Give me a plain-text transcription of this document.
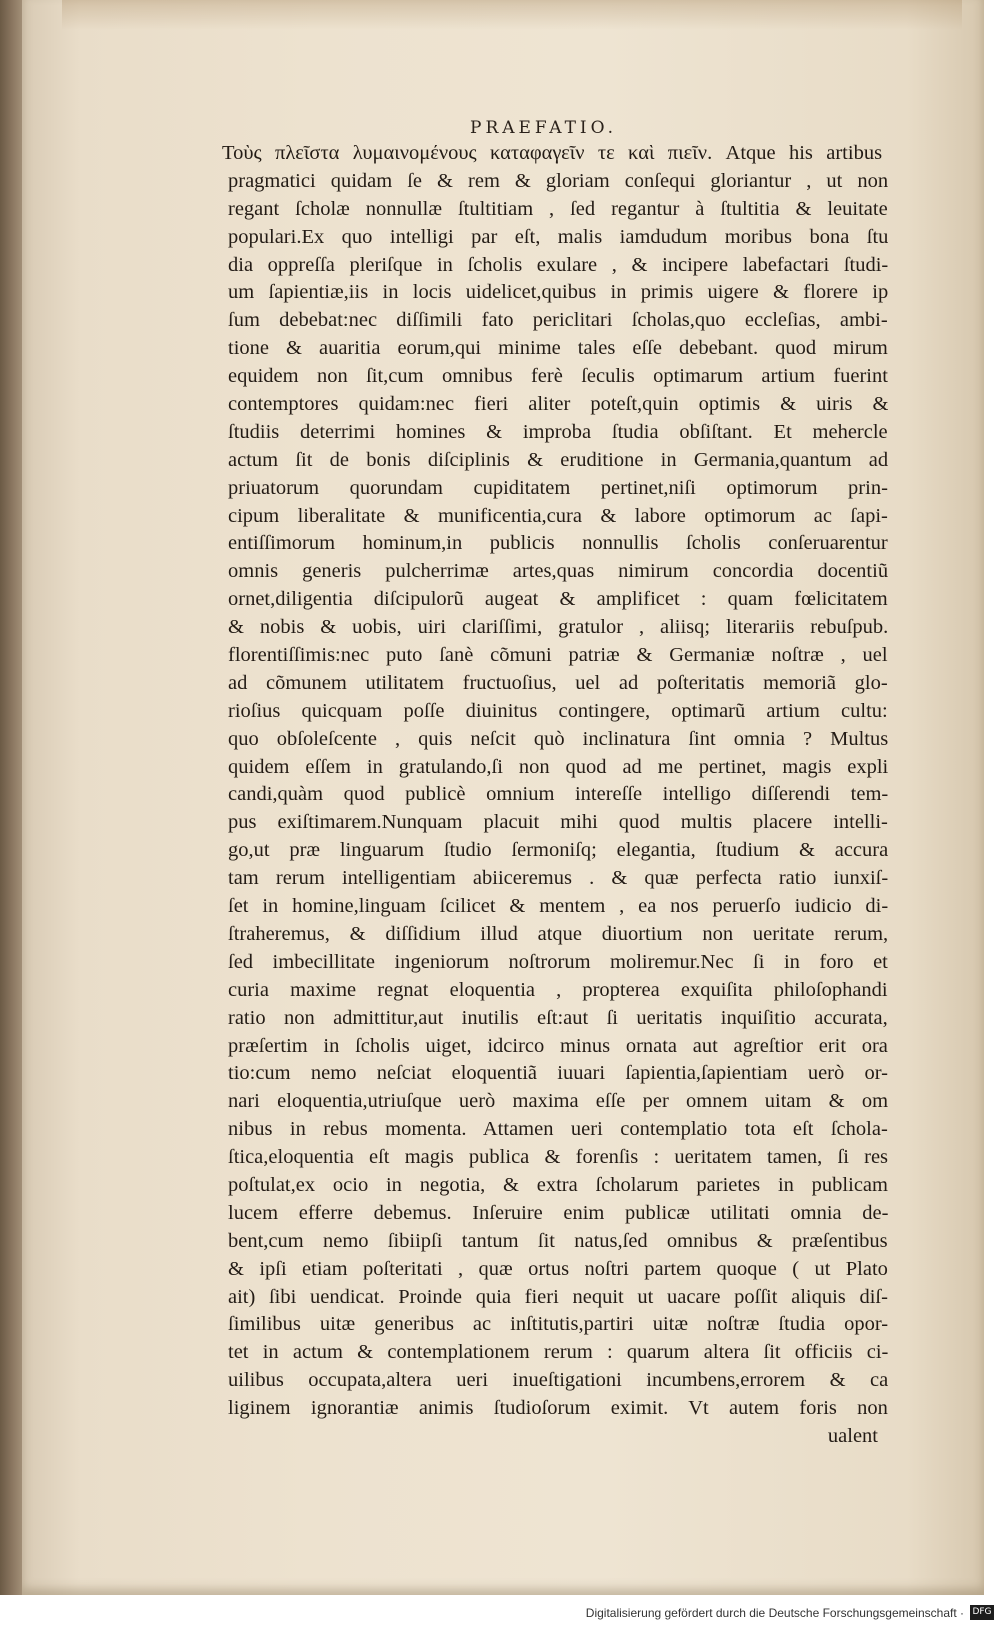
PRAEFATIO.
Τοὺς πλεῖστα λυμαινομένους καταφαγεῖν τε καὶ πιεῖν. Atque his artibus
pragmatici quidam ſe & rem & gloriam conſequi gloriantur , ut non
regant ſcholæ nonnullæ ſtultitiam , ſed regantur à ſtultitia & leuitate
populari.Ex quo intelligi par eſt, malis iamdudum moribus bona ſtu
dia oppreſſa pleriſque in ſcholis exulare , & incipere labefactari ſtudi-
um ſapientiæ,iis in locis uidelicet,quibus in primis uigere & florere ip
ſum debebat:nec diſſimili fato periclitari ſcholas,quo eccleſias, ambi-
tione & auaritia eorum,qui minime tales eſſe debebant. quod mirum
equidem non ſit,cum omnibus ferè ſeculis optimarum artium fuerint
contemptores quidam:nec fieri aliter poteſt,quin optimis & uiris &
ſtudiis deterrimi homines & improba ſtudia obſiſtant. Et mehercle
actum ſit de bonis diſciplinis & eruditione in Germania,quantum ad
priuatorum quorundam cupiditatem pertinet,niſi optimorum prin-
cipum liberalitate & munificentia,cura & labore optimorum ac ſapi-
entiſſimorum hominum,in publicis nonnullis ſcholis conſeruarentur
omnis generis pulcherrimæ artes,quas nimirum concordia docentiũ
ornet,diligentia diſcipulorũ augeat & amplificet : quam fœlicitatem
& nobis & uobis, uiri clariſſimi, gratulor , aliisq; literariis rebuſpub.
florentiſſimis:nec puto ſanè cõmuni patriæ & Germaniæ noſtræ , uel
ad cõmunem utilitatem fructuoſius, uel ad poſteritatis memoriã glo-
rioſius quicquam poſſe diuinitus contingere, optimarũ artium cultu:
quo obſoleſcente , quis neſcit quò inclinatura ſint omnia ? Multus
quidem eſſem in gratulando,ſi non quod ad me pertinet, magis expli
candi,quàm quod publicè omnium intereſſe intelligo diſſerendi tem-
pus exiſtimarem.Nunquam placuit mihi quod multis placere intelli-
go,ut præ linguarum ſtudio ſermoniſq; elegantia, ſtudium & accura
tam rerum intelligentiam abiiceremus . & quæ perfecta ratio iunxiſ-
ſet in homine,linguam ſcilicet & mentem , ea nos peruerſo iudicio di-
ſtraheremus, & diſſidium illud atque diuortium non ueritate rerum,
ſed imbecillitate ingeniorum noſtrorum moliremur.Nec ſi in foro et
curia maxime regnat eloquentia , propterea exquiſita philoſophandi
ratio non admittitur,aut inutilis eſt:aut ſi ueritatis inquiſitio accurata,
præſertim in ſcholis uiget, idcirco minus ornata aut agreſtior erit ora
tio:cum nemo neſciat eloquentiã iuuari ſapientia,ſapientiam uerò or-
nari eloquentia,utriuſque uerò maxima eſſe per omnem uitam & om
nibus in rebus momenta. Attamen ueri contemplatio tota eſt ſchola-
ſtica,eloquentia eſt magis publica & forenſis : ueritatem tamen, ſi res
poſtulat,ex ocio in negotia, & extra ſcholarum parietes in publicam
lucem efferre debemus. Inſeruire enim publicæ utilitati omnia de-
bent,cum nemo ſibiipſi tantum ſit natus,ſed omnibus & præſentibus
& ipſi etiam poſteritati , quæ ortus noſtri partem quoque ( ut Plato
ait) ſibi uendicat. Proinde quia fieri nequit ut uacare poſſit aliquis diſ-
ſimilibus uitæ generibus ac inſtitutis,partiri uitæ noſtræ ſtudia opor-
tet in actum & contemplationem rerum : quarum altera ſit officiis ci-
uilibus occupata,altera ueri inueſtigationi incumbens,errorem & ca
liginem ignorantiæ animis ſtudioſorum eximit. Vt autem foris non
ualent
Digitalisierung gefördert durch die Deutsche Forschungsgemeinschaft · DFG
